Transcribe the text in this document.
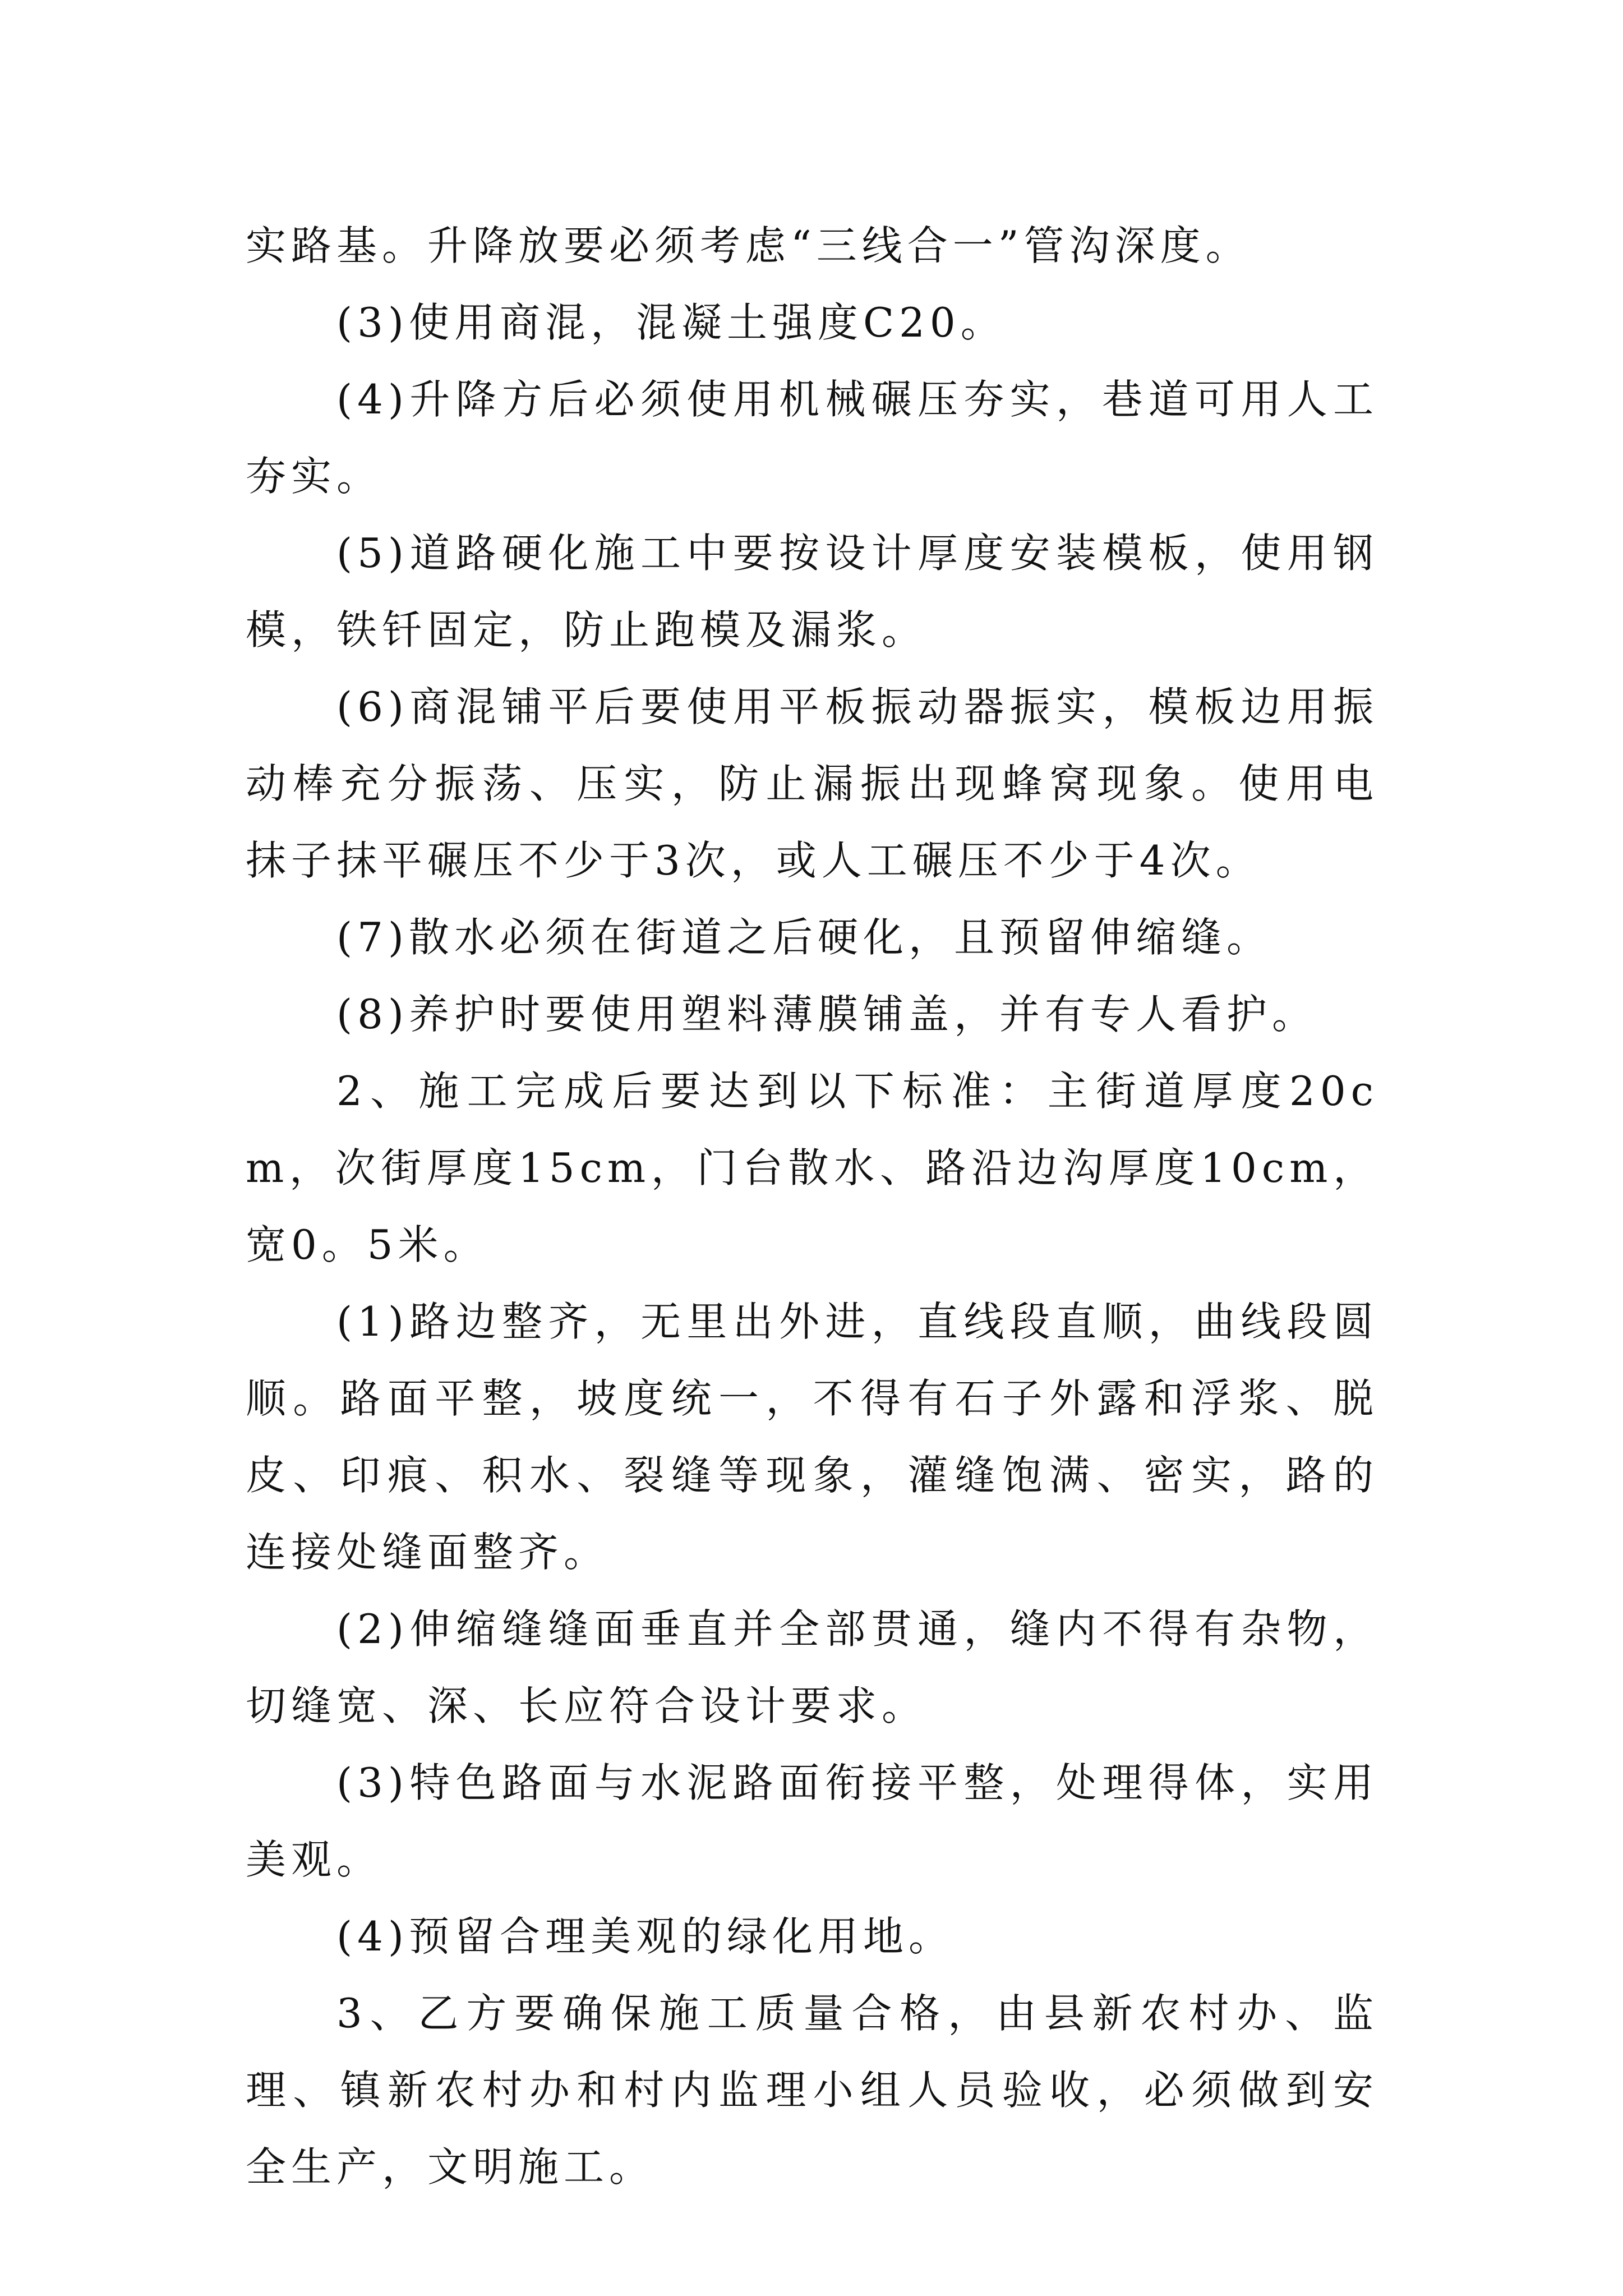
实路基。升降放要必须考虑“三线合一”管沟深度。

(3)使用商混，混凝土强度C20。

(4)升降方后必须使用机械碾压夯实，巷道可用人工夯实。

(5)道路硬化施工中要按设计厚度安装模板，使用钢模，铁钎固定，防止跑模及漏浆。

(6)商混铺平后要使用平板振动器振实，模板边用振动棒充分振荡、压实，防止漏振出现蜂窝现象。使用电抹子抹平碾压不少于3次，或人工碾压不少于4次。

(7)散水必须在街道之后硬化，且预留伸缩缝。

(8)养护时要使用塑料薄膜铺盖，并有专人看护。

2、施工完成后要达到以下标准：主街道厚度20cm，次街厚度15cm，门台散水、路沿边沟厚度10cm，宽0。5米。

(1)路边整齐，无里出外进，直线段直顺，曲线段圆顺。路面平整，坡度统一，不得有石子外露和浮浆、脱皮、印痕、积水、裂缝等现象，灌缝饱满、密实，路的连接处缝面整齐。

(2)伸缩缝缝面垂直并全部贯通，缝内不得有杂物，切缝宽、深、长应符合设计要求。

(3)特色路面与水泥路面衔接平整，处理得体，实用美观。

(4)预留合理美观的绿化用地。

3、乙方要确保施工质量合格，由县新农村办、监理、镇新农村办和村内监理小组人员验收，必须做到安全生产，文明施工。
